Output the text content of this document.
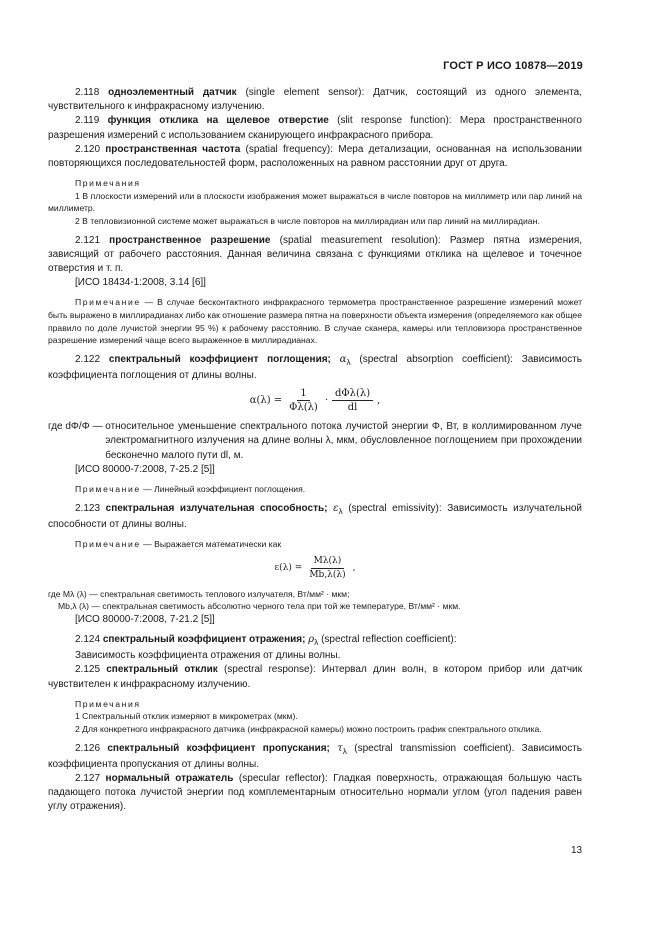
ГОСТ Р ИСО 10878—2019

2.118 одноэлементный датчик (single element sensor): Датчик, состоящий из одного элемента, чувствительного к инфракрасному излучению.

2.119 функция отклика на щелевое отверстие (slit response function): Мера пространственного разрешения измерений с использованием сканирующего инфракрасного прибора.

2.120 пространственная частота (spatial frequency): Мера детализации, основанная на использовании повторяющихся последовательностей форм, расположенных на равном расстоянии друг от друга.

Примечания

1 В плоскости измерений или в плоскости изображения может выражаться в числе повторов на миллиметр или пар линий на миллиметр.

2 В тепловизионной системе может выражаться в числе повторов на миллирадиан или пар линий на миллирадиан.

2.121 пространственное разрешение (spatial measurement resolution): Размер пятна измерения, зависящий от рабочего расстояния. Данная величина связана с функциями отклика на щелевое и точечное отверстия и т. п.

[ИСО 18434-1:2008, 3.14 [6]]

Примечание — В случае бесконтактного инфракрасного термометра пространственное разрешение измерений может быть выражено в миллирадианах либо как отношение размера пятна на поверхности объекта измерения (определяемого как общее правило по доле лучистой энергии 95 %) к рабочему расстоянию. В случае сканера, камеры или тепловизора пространственное разрешение измерений чаще всего выраженное в миллирадианах.

2.122 спектральный коэффициент поглощения; $\alpha_\lambda$ (spectral absorption coefficient): Зависимость коэффициента поглощения от длины волны.

$\alpha(\lambda) = \frac{1}{\Phi\lambda(\lambda)} \cdot \frac{\text{dΦλ(λ)}}{dl}$ ,
где dΦ/Φ —
относительное уменьшение спектрального потока лучистой энергии Φ, Вт, в коллимированном луче электромагнитного излучения на длине волны λ, мкм, обусловленное поглощением при прохождении бесконечно малого пути dl, м.

[ИСО 80000-7:2008, 7-25.2 [5]]

Примечание — Линейный коэффициент поглощения.

2.123 спектральная излучательная способность; $\varepsilon_\lambda$ (spectral emissivity): Зависимость излучательной способности от длины волны.

Примечание — Выражается математически как

$\varepsilon(\lambda) = \frac{M\lambda(\lambda)}{Mb,\lambda(\lambda)}$ ,

где Mλ (λ) — спектральная светимость теплового излучателя, Вт/мм² · мкм;

Mb,λ (λ) — спектральная светимость абсолютно черного тела при той же температуре, Вт/мм² · мкм.

[ИСО 80000-7:2008, 7-21.2 [5]]

2.124 спектральный коэффициент отражения; $\rho_\lambda$ (spectral reflection coefficient):

Зависимость коэффициента отражения от длины волны.

2.125 спектральный отклик (spectral response): Интервал длин волн, в котором прибор или датчик чувствителен к инфракрасному излучению.

Примечания

1 Спектральный отклик измеряют в микрометрах (мкм).

2 Для конкретного инфракрасного датчика (инфракрасной камеры) можно построить график спектрального отклика.

2.126 спектральный коэффициент пропускания; $\tau_\lambda$ (spectral transmission coefficient). Зависимость коэффициента пропускания от длины волны.

2.127 нормальный отражатель (specular reflector): Гладкая поверхность, отражающая большую часть падающего потока лучистой энергии под комплементарным относительно нормали углом (угол падения равен углу отражения).

13
